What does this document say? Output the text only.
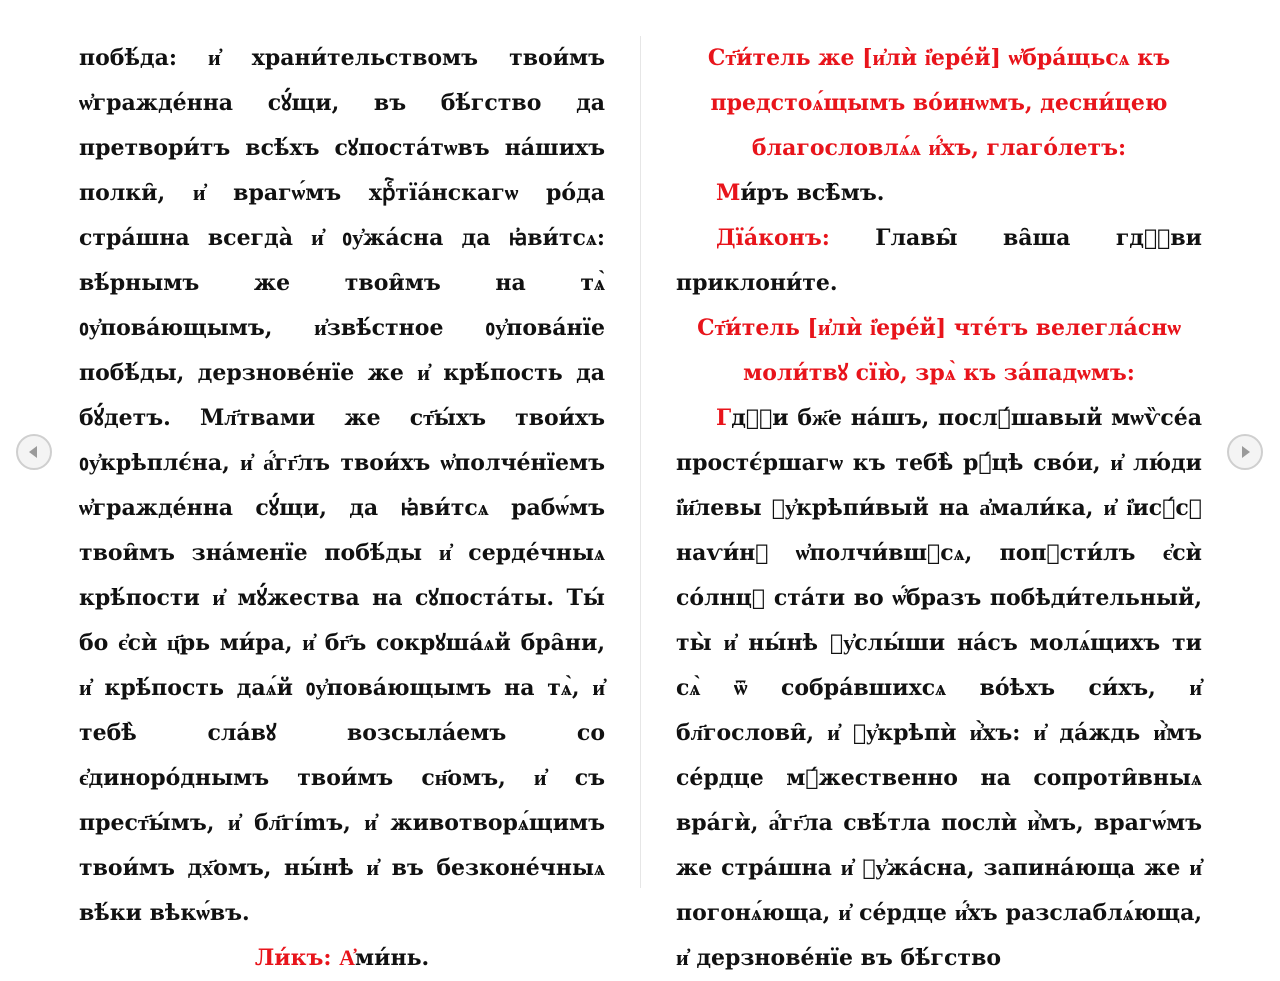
побѣ́да: и҆ храни́тельствомъ твои́мъ ѡ҆гражде́нна сꙋ́щи, въ бѣ́гство да претвори́тъ всѣ́хъ сꙋпоста́тѡвъ на́шихъ полки̑, и҆ врагѡ́мъ хрⷭ҇тїа́нскагѡ ро́да стра́шна всегда̀ и҆ ᲂу҆жа́сна да ꙗ҆ви́тсѧ: вѣ́рнымъ же твои̑мъ на тѧ̀ ᲂу҆пова́ющымъ, и҆звѣ́стное ᲂу҆пова́нїе побѣ́ды, дерзнове́нїе же и҆ крѣ́пость да бꙋ́детъ. Мл҃твами же ст҃ы́хъ твои́хъ ᲂу҆крѣплє́на, и҆ а҆́гг҃лъ твои́хъ ѡ҆полче́нїемъ ѡ҆гражде́нна сꙋ́щи, да ꙗ҆ви́тсѧ рабѡ́мъ твои̑мъ зна́менїе побѣ́ды и҆ серде́чныѧ крѣ́пости и҆ мꙋ́жества на сꙋпоста́ты. Ты́ бо є҆сѝ ц҃рь ми́ра, и҆ бг҃ъ сокрꙋша́ѧй бра̑ни, и҆ крѣ́пость даѧ́й ᲂу҆пова́ющымъ на тѧ̀, и҆ тебѣ̀ сла́вꙋ возсыла́емъ со є҆диноро́днымъ твои́мъ сн҃омъ, и҆ съ прест҃ы́мъ, и҆ бл҃гímъ, и҆ животворѧ́щимъ твои́мъ дх҃омъ, ны́нѣ и҆ въ безконе́чныѧ вѣ́ки вѣкѡ́въ.

Ли́къ: А҆ми́нь.

Ст҃и́тель же [и҆лѝ і҆ере́й] ѡ҆бра́щьсѧ къ предстоѧ́щымъ во́инѡмъ, десни́цею благословлѧ́ѧ и҆́хъ, глаго́летъ:

Ми́ръ всѣ̑мъ.

Дїа́конъ: Главы̑ ва̑ша гдⷭ҇ви приклони́те.

Ст҃и́тель [и҆лѝ і҆ере́й] чте́тъ велегла́снѡ моли́твꙋ сїю̀, зрѧ̀ къ за́падѡмъ:

Гдⷭ҇и бж҃е на́шъ, послꙋ́шавый мѡѷсе́а простє́ршагѡ къ тебѣ̀ рꙋ́цѣ сво́и, и҆ лю́ди і҆̓и҃левы ᲂу҆крѣпи́вый на а҆мали́ка, и҆ і҆исꙋ́сꙋ наѵи́нꙋ ѡ҆полчи́вшꙋсѧ, попꙋсти́лъ є҆сѝ со́лнцꙋ ста́ти во ѡ҆́бразъ побѣди́тельный, ты̀ и҆ ны́нѣ ᲂу҆слы́ши на́съ молѧ́щихъ ти сѧ̀ ѿ собра́вшихсѧ во́ѣхъ си́хъ, и҆ бл҃гослови̑, и҆ ᲂу҆крѣпѝ и҆̀хъ: и҆ да́ждь и҆̀мъ се́рдце мꙋ́жественно на сопроти̑вныѧ вра́гѝ, а҆́гг҃ла свѣ́тла послѝ и҆̀мъ, врагѡ́мъ же стра́шна и҆ ᲂу҆жа́сна, запина́юща же и҆ погонѧ́юща, и҆ се́рдце и҆́хъ разслаблѧ́юща, и҆ дерзнове́нїе въ бѣ́гство
